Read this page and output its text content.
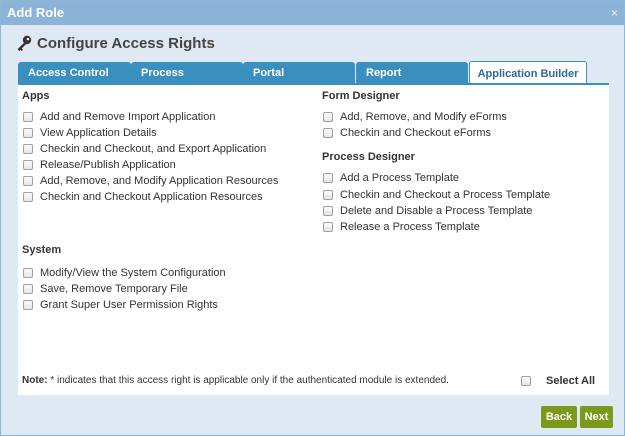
Add Role	×
Configure Access Rights
Access Control	Process	Portal	Report	Application Builder
Apps
Add and Remove Import Application
View Application Details
Checkin and Checkout, and Export Application
Release/Publish Application
Add, Remove, and Modify Application Resources
Checkin and Checkout Application Resources
System
Modify/View the System Configuration
Save, Remove Temporary File
Grant Super User Permission Rights
Form Designer
Add, Remove, and Modify eForms
Checkin and Checkout eForms
Process Designer
Add a Process Template
Checkin and Checkout a Process Template
Delete and Disable a Process Template
Release a Process Template
Note: * indicates that this access right is applicable only if the authenticated module is extended.	Select All
Back	Next
